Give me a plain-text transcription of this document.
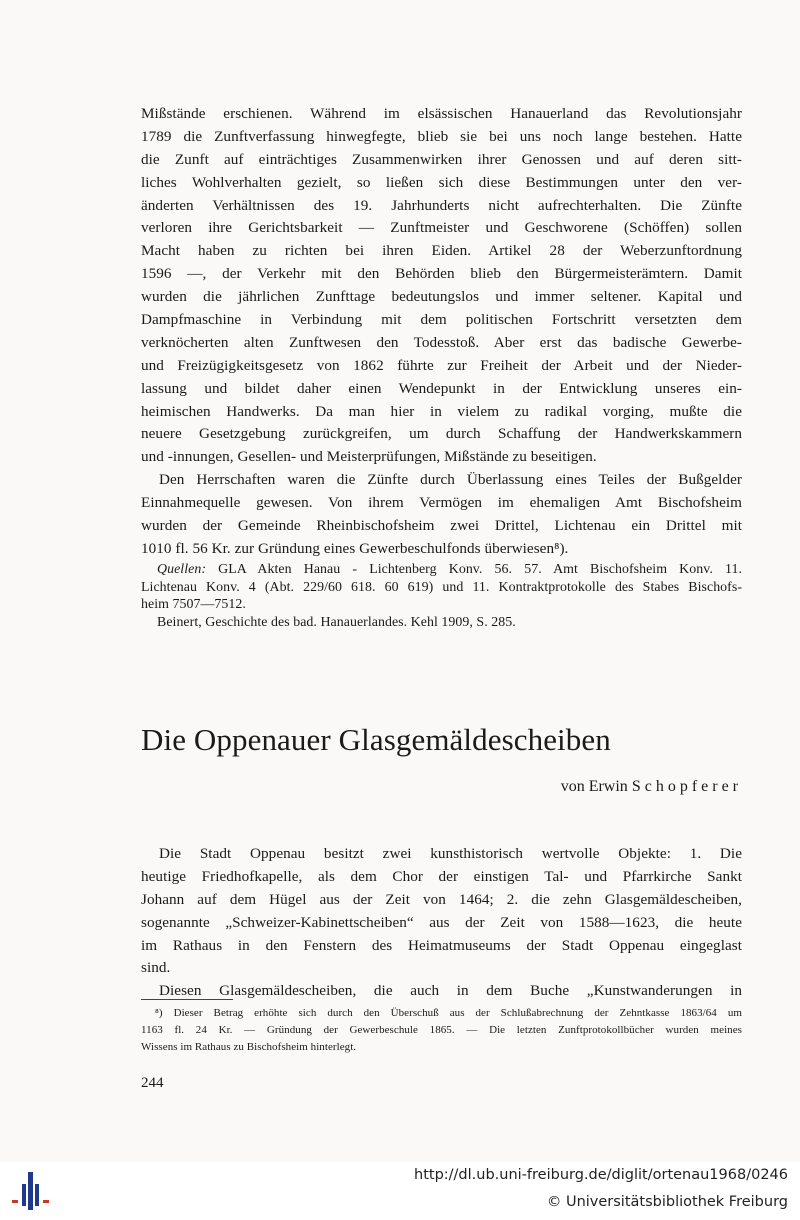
Mißstände erschienen. Während im elsässischen Hanauerland das Revolutionsjahr
1789 die Zunftverfassung hinwegfegte, blieb sie bei uns noch lange bestehen. Hatte
die Zunft auf einträchtiges Zusammenwirken ihrer Genossen und auf deren sitt-
liches Wohlverhalten gezielt, so ließen sich diese Bestimmungen unter den ver-
änderten Verhältnissen des 19. Jahrhunderts nicht aufrechterhalten. Die Zünfte
verloren ihre Gerichtsbarkeit — Zunftmeister und Geschworene (Schöffen) sollen
Macht haben zu richten bei ihren Eiden. Artikel 28 der Weberzunftordnung
1596 —, der Verkehr mit den Behörden blieb den Bürgermeisterämtern. Damit
wurden die jährlichen Zunfttage bedeutungslos und immer seltener. Kapital und
Dampfmaschine in Verbindung mit dem politischen Fortschritt versetzten dem
verknöcherten alten Zunftwesen den Todesstoß. Aber erst das badische Gewerbe-
und Freizügigkeitsgesetz von 1862 führte zur Freiheit der Arbeit und der Nieder-
lassung und bildet daher einen Wendepunkt in der Entwicklung unseres ein-
heimischen Handwerks. Da man hier in vielem zu radikal vorging, mußte die
neuere Gesetzgebung zurückgreifen, um durch Schaffung der Handwerkskammern
und -innungen, Gesellen- und Meisterprüfungen, Mißstände zu beseitigen.
Den Herrschaften waren die Zünfte durch Überlassung eines Teiles der Bußgelder
Einnahmequelle gewesen. Von ihrem Vermögen im ehemaligen Amt Bischofsheim
wurden der Gemeinde Rheinbischofsheim zwei Drittel, Lichtenau ein Drittel mit
1010 fl. 56 Kr. zur Gründung eines Gewerbeschulfonds überwiesen⁸).
Quellen: GLA Akten Hanau - Lichtenberg Konv. 56. 57. Amt Bischofsheim Konv. 11.
Lichtenau Konv. 4 (Abt. 229/60 618. 60 619) und 11. Kontraktprotokolle des Stabes Bischofs-
heim 7507—7512.
Beinert, Geschichte des bad. Hanauerlandes. Kehl 1909, S. 285.
Die Oppenauer Glasgemäldescheiben
von Erwin Schopferer
Die Stadt Oppenau besitzt zwei kunsthistorisch wertvolle Objekte: 1. Die
heutige Friedhofkapelle, als dem Chor der einstigen Tal- und Pfarrkirche Sankt
Johann auf dem Hügel aus der Zeit von 1464; 2. die zehn Glasgemäldescheiben,
sogenannte „Schweizer-Kabinettscheiben“ aus der Zeit von 1588—1623, die heute
im Rathaus in den Fenstern des Heimatmuseums der Stadt Oppenau eingeglast
sind.
Diesen Glasgemäldescheiben, die auch in dem Buche „Kunstwanderungen in
⁸) Dieser Betrag erhöhte sich durch den Überschuß aus der Schlußabrechnung der Zehntkasse 1863/64 um
1163 fl. 24 Kr. — Gründung der Gewerbeschule 1865. — Die letzten Zunftprotokollbücher wurden meines
Wissens im Rathaus zu Bischofsheim hinterlegt.
244
http://dl.ub.uni-freiburg.de/diglit/ortenau1968/0246
© Universitätsbibliothek Freiburg
